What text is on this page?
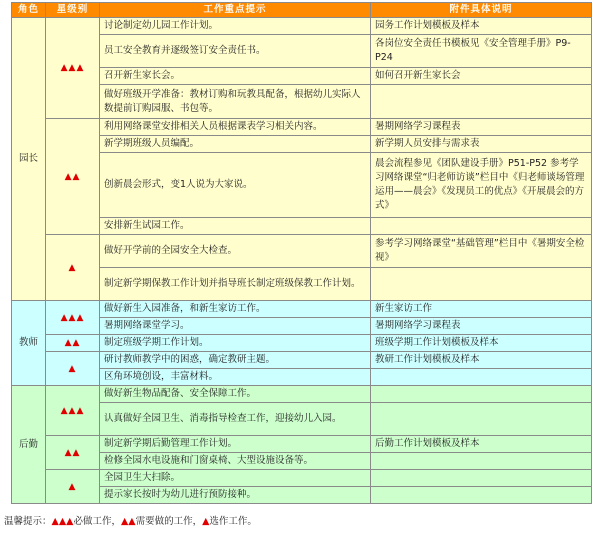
角色	星级别	工作重点提示	附件具体说明
园长	▲▲▲	讨论制定幼儿园工作计划。	园务工作计划模板及样本
		员工安全教育并逐级签订安全责任书。	各岗位安全责任书模板见《安全管理手册》P9-P24
		召开新生家长会。	如何召开新生家长会
		做好班级开学准备：教材订购和玩教具配备，根据幼儿实际人数提前订购园服、书包等。	
	▲▲	利用网络课堂安排相关人员根据课表学习相关内容。	暑期网络学习课程表
		新学期班级人员编配。	新学期人员安排与需求表
		创新晨会形式，变1人说为大家说。	晨会流程参见《团队建设手册》P51-P52 参考学习网络课堂“归老师访谈”栏目中《归老师谈场管理运用——晨会》《发现员工的优点》《开展晨会的方式》
		安排新生试园工作。	
	▲	做好开学前的全园安全大检查。	参考学习网络课堂“基础管理”栏目中《暑期安全检视》
		制定新学期保教工作计划并指导班长制定班级保教工作计划。	
教师	▲▲▲	做好新生入园准备，和新生家访工作。	新生家访工作
		暑期网络课堂学习。	暑期网络学习课程表
	▲▲	制定班级学期工作计划。	班级学期工作计划模板及样本
	▲	研讨教师教学中的困惑，确定教研主题。	教研工作计划模板及样本
		区角环境创设，丰富材料。	
后勤	▲▲▲	做好新生物品配备、安全保障工作。	
		认真做好全园卫生、消毒指导检查工作，迎接幼儿入园。	
	▲▲	制定新学期后勤管理工作计划。	后勤工作计划模板及样本
		检修全园水电设施和门窗桌椅、大型设施设备等。	
	▲	全园卫生大扫除。	
		提示家长按时为幼儿进行预防接种。	
温馨提示：▲▲▲必做工作，▲▲需要做的工作，▲选作工作。
